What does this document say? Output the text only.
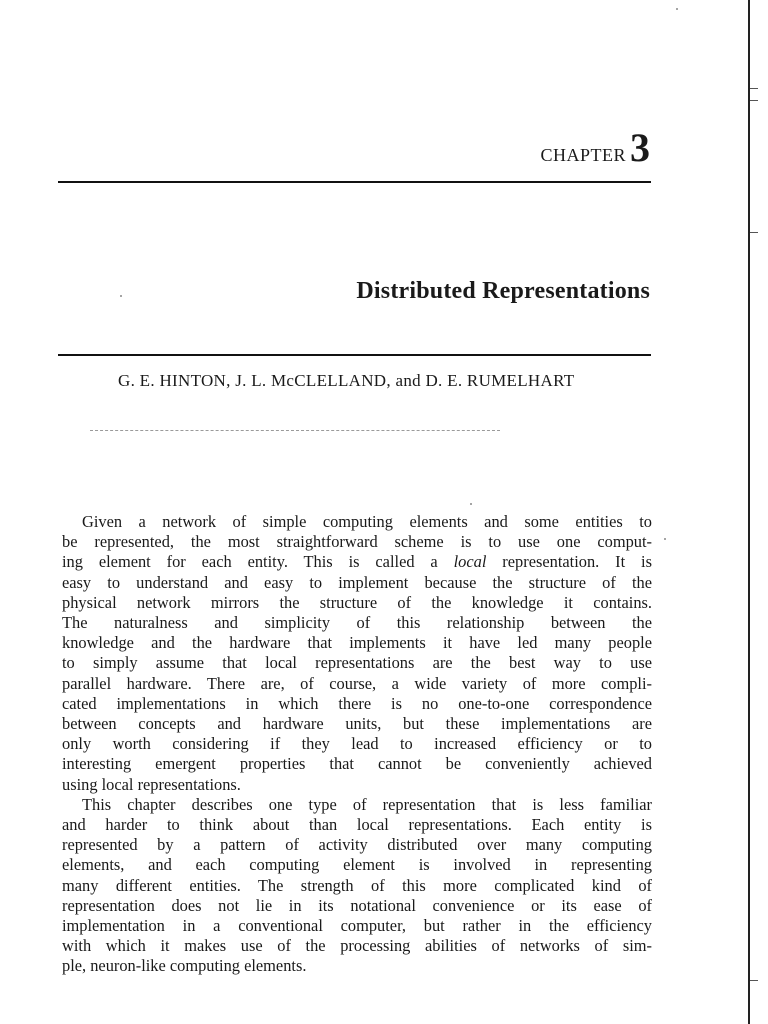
CHAPTER 3
Distributed Representations
G. E. HINTON, J. L. McCLELLAND, and D. E. RUMELHART
Given a network of simple computing elements and some entities to
be represented, the most straightforward scheme is to use one comput-
ing element for each entity. This is called a local representation. It is
easy to understand and easy to implement because the structure of the
physical network mirrors the structure of the knowledge it contains.
The naturalness and simplicity of this relationship between the
knowledge and the hardware that implements it have led many people
to simply assume that local representations are the best way to use
parallel hardware. There are, of course, a wide variety of more compli-
cated implementations in which there is no one-to-one correspondence
between concepts and hardware units, but these implementations are
only worth considering if they lead to increased efficiency or to
interesting emergent properties that cannot be conveniently achieved
using local representations.
This chapter describes one type of representation that is less familiar
and harder to think about than local representations. Each entity is
represented by a pattern of activity distributed over many computing
elements, and each computing element is involved in representing
many different entities. The strength of this more complicated kind of
representation does not lie in its notational convenience or its ease of
implementation in a conventional computer, but rather in the efficiency
with which it makes use of the processing abilities of networks of sim-
ple, neuron-like computing elements.
